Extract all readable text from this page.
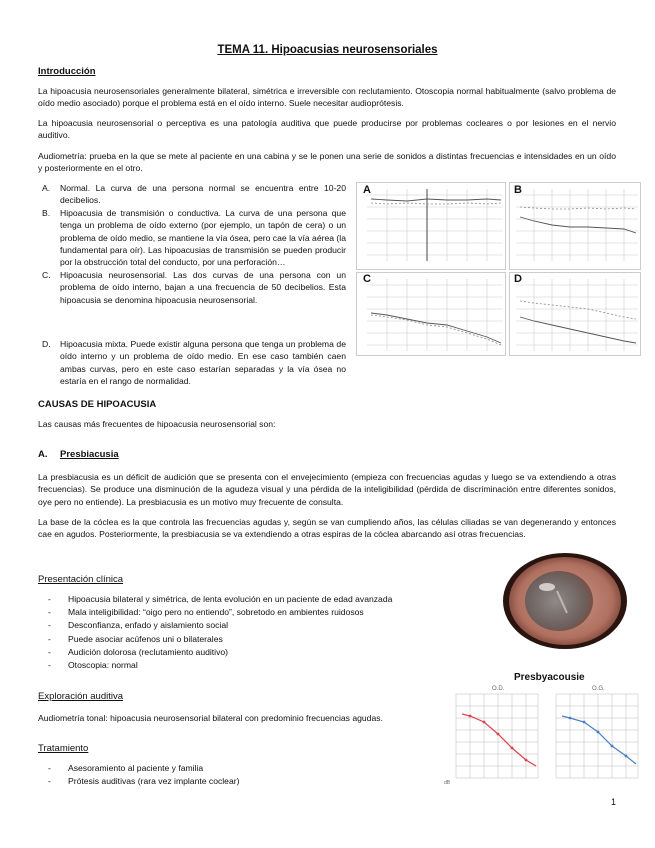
TEMA 11. Hipoacusias neurosensoriales
Introducción
La hipoacusia neurosensoriales generalmente bilateral, simétrica e irreversible con reclutamiento. Otoscopia normal habitualmente (salvo problema de oído medio asociado) porque el problema está en el oído interno. Suele necesitar audioprótesis.
La hipoacusia neurosensorial o perceptiva es una patología auditiva que puede producirse por problemas cocleares o por lesiones en el nervio auditivo.
Audiometría: prueba en la que se mete al paciente en una cabina y se le ponen una serie de sonidos a distintas frecuencias e intensidades en un oído y posteriormente en el otro.
A. Normal. La curva de una persona normal se encuentra entre 10-20 decibelios.
B. Hipoacusia de transmisión o conductiva. La curva de una persona que tenga un problema de oído externo (por ejemplo, un tapón de cera) o un problema de oído medio, se mantiene la vía ósea, pero cae la vía aérea (la fundamental para oír). Las hipoacusias de transmisión se pueden producir por la obstrucción total del conducto, por una perforación…
C. Hipoacusia neurosensorial. Las dos curvas de una persona con un problema de oído interno, bajan a una frecuencia de 50 decibelios. Esta hipoacusia se denomina hipoacusia neurosensorial.
D. Hipoacusia mixta. Puede existir alguna persona que tenga un problema de oído interno y un problema de oído medio. En ese caso también caen ambas curvas, pero en este caso estarían separadas y la vía ósea no estaría en el rango de normalidad.
A	B
C	D
CAUSAS DE HIPOACUSIA
Las causas más frecuentes de hipoacusia neurosensorial son:
A. Presbiacusia
La presbiacusia es un déficit de audición que se presenta con el envejecimiento (empieza con frecuencias agudas y luego se va extendiendo a otras frecuencias). Se produce una disminución de la agudeza visual y una pérdida de la inteligibilidad (pérdida de discriminación entre diferentes sonidos, oye pero no entiende). La presbiacusia es un motivo muy frecuente de consulta.
La base de la cóclea es la que controla las frecuencias agudas y, según se van cumpliendo años, las células ciliadas se van degenerando y entonces cae en agudos. Posteriormente, la presbiacusia se va extendiendo a otras espiras de la cóclea abarcando así otras frecuencias.
Presentación clínica
- Hipoacusia bilateral y simétrica, de lenta evolución en un paciente de edad avanzada
- Mala inteligibilidad: “oigo pero no entiendo”, sobretodo en ambientes ruidosos
- Desconfianza, enfado y aislamiento social
- Puede asociar acúfenos uni o bilaterales
- Audición dolorosa (reclutamiento auditivo)
- Otoscopia: normal
Exploración auditiva
Audiometría tonal: hipoacusia neurosensorial bilateral con predominio frecuencias agudas.
Tratamiento
- Asesoramiento al paciente y familia
- Prótesis auditivas (rara vez implante coclear)
Presbyacousie
O.D.	O.G.
dB
1
